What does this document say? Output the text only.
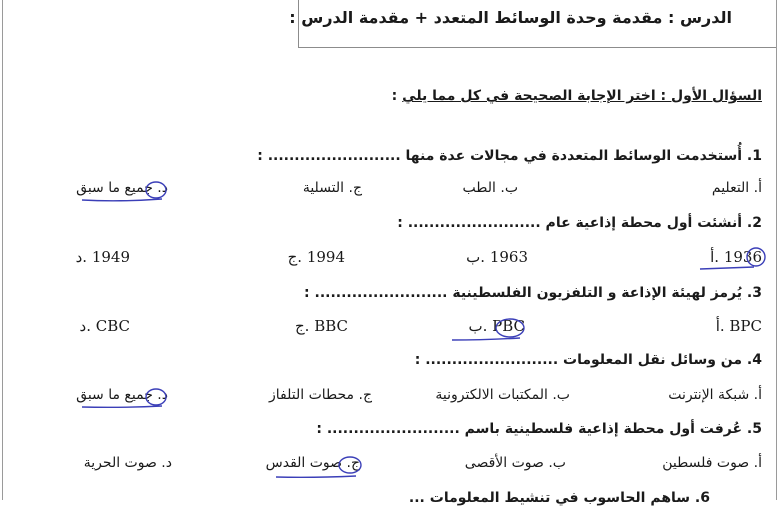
الدرس : مقدمة وحدة الوسائط المتعدد + مقدمة الدرس :
السؤال الأول : اختر الإجابة الصحيحة في كل مما يلي :
1. أُستخدمت الوسائط المتعددة في مجالات عدة منها ......................... :
أ. التعليم
ب. الطب
ج. التسلية
د. جميع ما سبق
2. أنشئت أول محطة إذاعية عام ......................... :
1936 .أ
1963 .ب
1994 .ج
1949 .د
3. يُرمز لهيئة الإذاعة و التلفزيون الفلسطينية ......................... :
BPC .أ
PBC .ب
BBC .ج
CBC .د
4. من وسائل نقل المعلومات ......................... :
أ. شبكة الإنترنت
ب. المكتبات الالكترونية
ج. محطات التلفاز
د. جميع ما سبق
5. عُرفت أول محطة إذاعية فلسطينية باسم ......................... :
أ. صوت فلسطين
ب. صوت الأقصى
ج. صوت القدس
د. صوت الحرية
6. ساهم الحاسوب في تنشيط المعلومات ...
